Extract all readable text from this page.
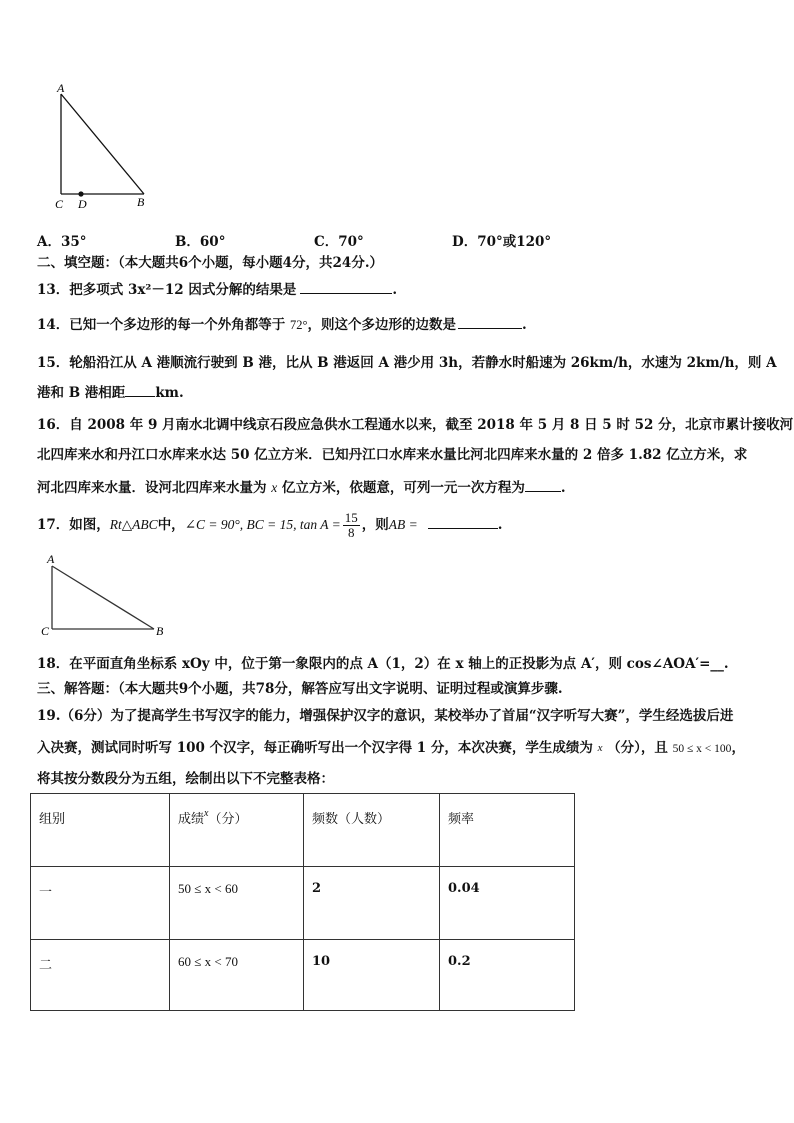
A
C D	B
A．35°	B．60°	C．70°	D．70°或120°
二、填空题：（本大题共6个小题，每小题4分，共24分.）
13．把多项式 3x²－12 因式分解的结果是	.
14．已知一个多边形的每一个外角都等于 72°，则这个多边形的边数是	.
15．轮船沿江从 A 港顺流行驶到 B 港，比从 B 港返回 A 港少用 3h，若静水时船速为 26km/h，水速为 2km/h，则 A
港和 B 港相距 km.
16．自 2008 年 9 月南水北调中线京石段应急供水工程通水以来，截至 2018 年 5 月 8 日 5 时 52 分，北京市累计接收河
北四库来水和丹江口水库来水达 50 亿立方米．已知丹江口水库来水量比河北四库来水量的 2 倍多 1.82 亿立方米，求
河北四库来水量．设河北四库来水量为 x 亿立方米，依题意，可列一元一次方程为	.
17．如图，Rt△ABC中，∠C = 90°, BC = 15, $\tan A = \frac{15}{8}$ ，则AB =	.
A
C	B
18．在平面直角坐标系 xOy 中，位于第一象限内的点 A（1，2）在 x 轴上的正投影为点 A′，则 cos∠AOA′=__.
三、解答题：（本大题共9个小题，共78分，解答应写出文字说明、证明过程或演算步骤.
19.（6分）为了提高学生书写汉字的能力，增强保护汉字的意识，某校举办了首届“汉字听写大赛”，学生经选拔后进
入决赛，测试同时听写 100 个汉字，每正确听写出一个汉字得 1 分，本次决赛，学生成绩为 $^x$ （分），且 50 ≤ x < 100，
将其按分数段分为五组，绘制出以下不完整表格：
组别	成绩$^x$（分）	频数（人数）	频率
一	50 ≤ x < 60	2	0.04
二	60 ≤ x < 70	10	0.2
